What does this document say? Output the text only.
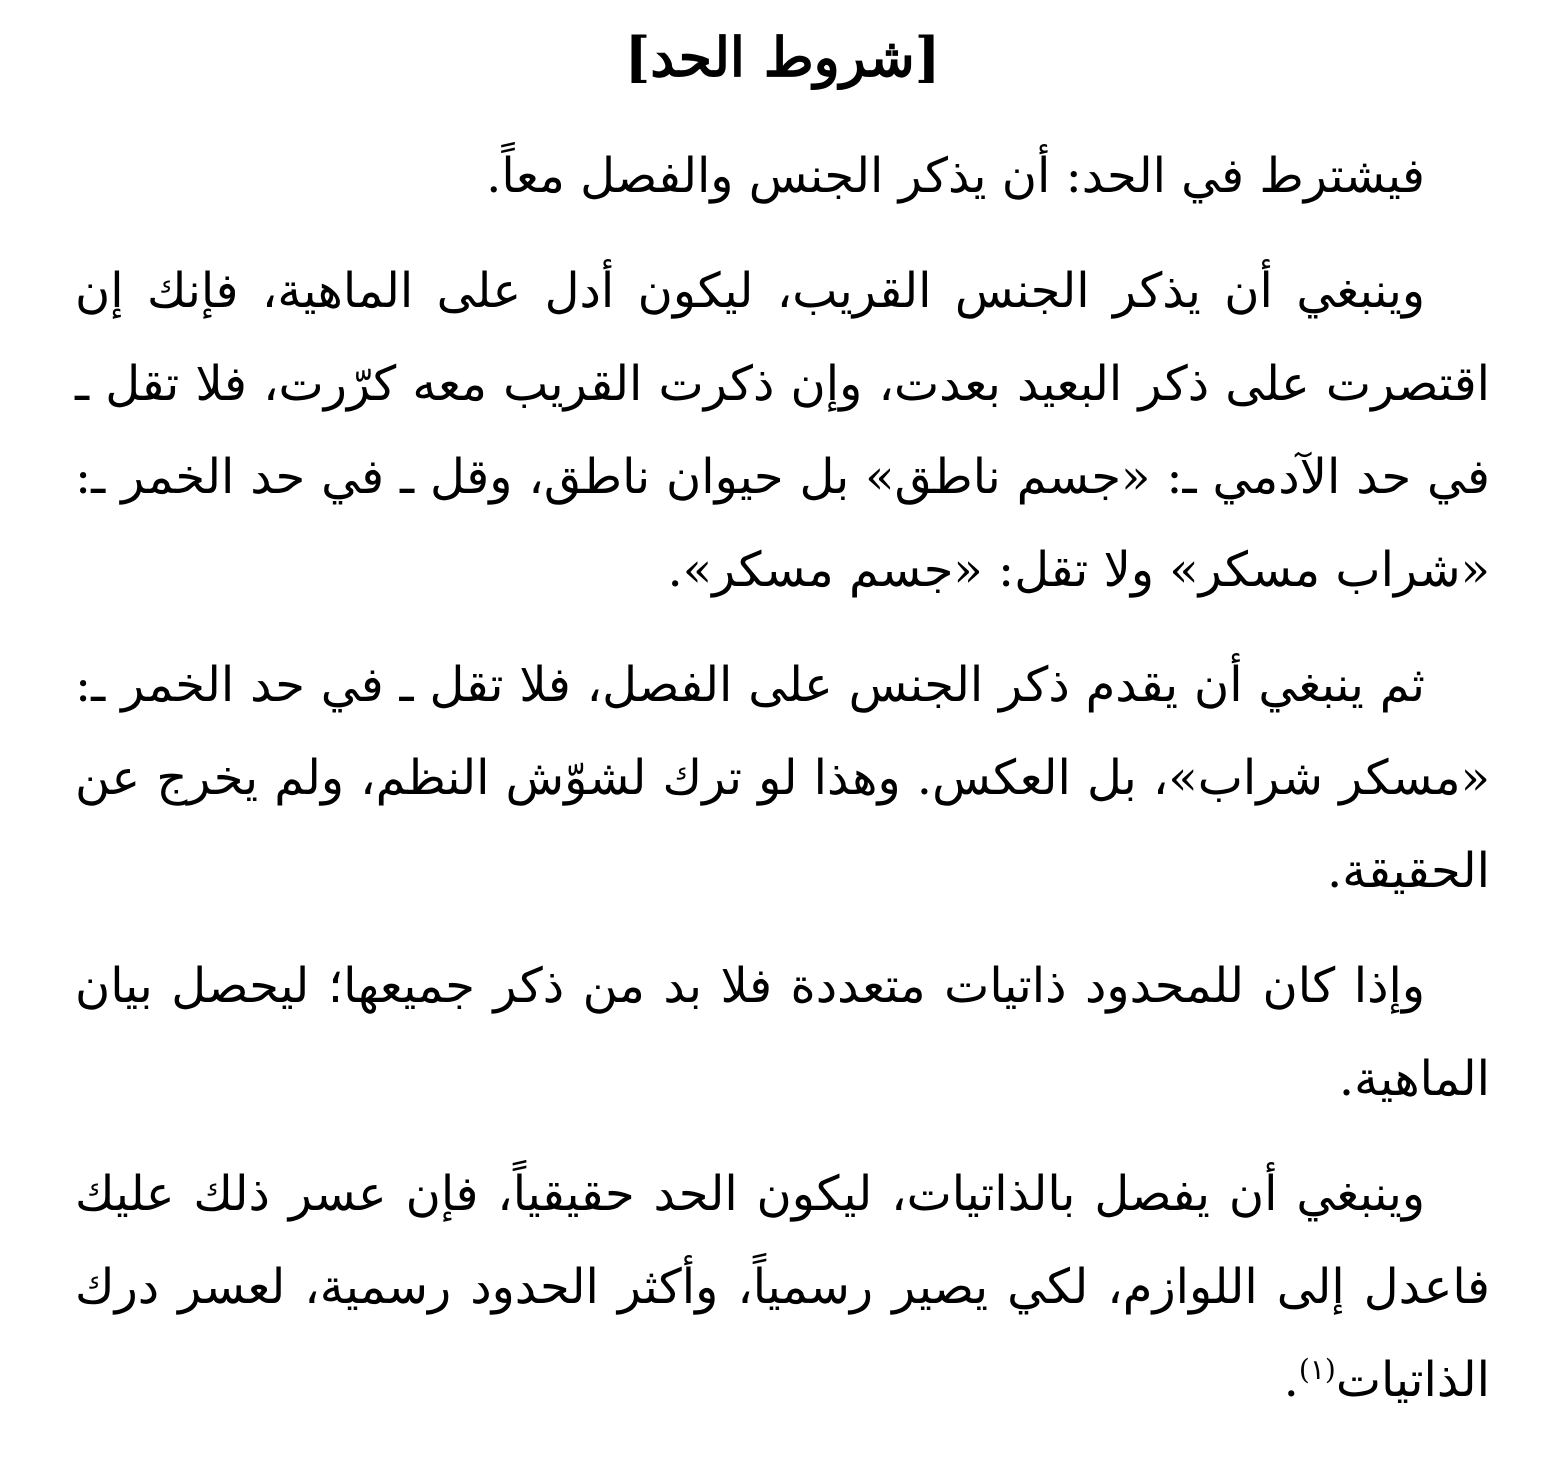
[شروط الحد]

فيشترط في الحد: أن يذكر الجنس والفصل معاً.

وينبغي أن يذكر الجنس القريب، ليكون أدل على الماهية، فإنك إن اقتصرت على ذكر البعيد بعدت، وإن ذكرت القريب معه كرّرت، فلا تقل ـ في حد الآدمي ـ: «جسم ناطق» بل حيوان ناطق، وقل ـ في حد الخمر ـ: «شراب مسكر» ولا تقل: «جسم مسكر».

ثم ينبغي أن يقدم ذكر الجنس على الفصل، فلا تقل ـ في حد الخمر ـ: «مسكر شراب»، بل العكس. وهذا لو ترك لشوّش النظم، ولم يخرج عن الحقيقة.

وإذا كان للمحدود ذاتيات متعددة فلا بد من ذكر جميعها؛ ليحصل بيان الماهية.

وينبغي أن يفصل بالذاتيات، ليكون الحد حقيقياً، فإن عسر ذلك عليك فاعدل إلى اللوازم، لكي يصير رسمياً، وأكثر الحدود رسمية، لعسر درك الذاتيات$^{(١)}$.
